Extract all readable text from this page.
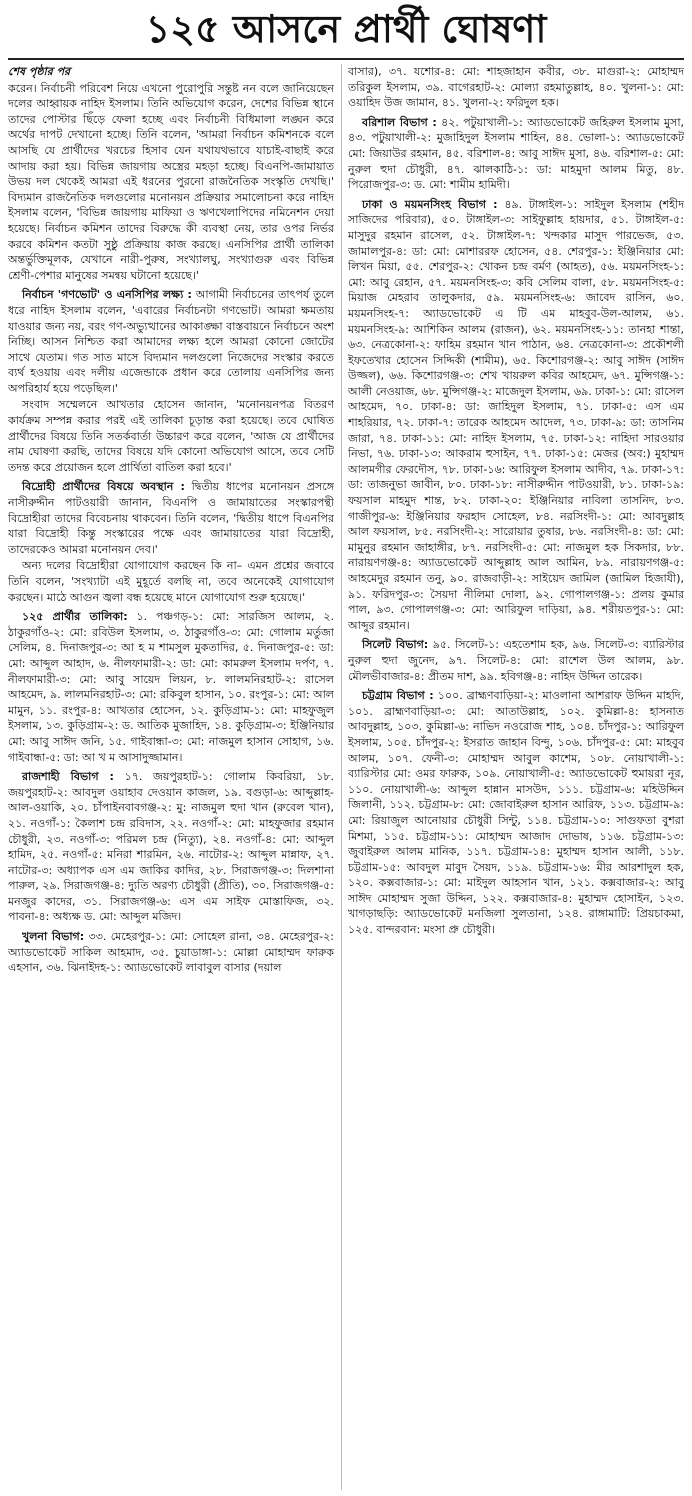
১২৫ আসনে প্রার্থী ঘোষণা

শেষ পৃষ্ঠার পর

করেন। নির্বাচনী পরিবেশ নিয়ে এখনো পুরোপুরি সন্তুষ্ট নন বলে জানিয়েছেন দলের আহ্বায়ক নাহিদ ইসলাম। তিনি অভিযোগ করেন, দেশের বিভিন্ন স্থানে তাদের পোস্টার ছিঁড়ে ফেলা হচ্ছে এবং নির্বাচনী বিধিমালা লঙ্ঘন করে অর্থের দাপট দেখানো হচ্ছে। তিনি বলেন, 'আমরা নির্বাচন কমিশনকে বলে আসছি যে প্রার্থীদের খরচের হিসাব যেন যথাযথভাবে যাচাই-বাছাই করে আদায় করা হয়। বিভিন্ন জায়গায় অস্ত্রের মহড়া হচ্ছে। বিএনপি-জামায়াত উভয় দল থেকেই আমরা এই ধরনের পুরনো রাজনৈতিক সংস্কৃতি দেখছি।' বিদ্যমান রাজনৈতিক দলগুলোর মনোনয়ন প্রক্রিয়ার সমালোচনা করে নাহিদ ইসলাম বলেন, 'বিভিন্ন জায়গায় মাফিয়া ও ঋণখেলাপিদের নমিনেশন দেয়া হয়েছে। নির্বাচন কমিশন তাদের বিরুদ্ধে কী ব্যবস্থা নেয়, তার ওপর নির্ভর করবে কমিশন কতটা সুষ্ঠু প্রক্রিয়ায় কাজ করছে। এনসিপির প্রার্থী তালিকা অন্তর্ভুক্তিমূলক, যেখানে নারী-পুরুষ, সংখ্যালঘু, সংখ্যাগুরু এবং বিভিন্ন শ্রেণী-পেশার মানুষের সমন্বয় ঘটানো হয়েছে।'

নির্বাচন 'গণভোট' ও এনসিপির লক্ষ্য : আগামী নির্বাচনের তাৎপর্য তুলে ধরে নাহিদ ইসলাম বলেন, 'এবারের নির্বাচনটা গণভোট। আমরা ক্ষমতায় যাওয়ার জন্য নয়, বরং গণ-অভ্যুত্থানের আকাঙ্ক্ষা বাস্তবায়নে নির্বাচনে অংশ নিচ্ছি। আসন নিশ্চিত করা আমাদের লক্ষ্য হলে আমরা কোনো জোটের সাথে যেতাম। গত সাত মাসে বিদ্যমান দলগুলো নিজেদের সংস্কার করতে ব্যর্থ হওয়ায় এবং দলীয় এজেন্ডাকে প্রধান করে তোলায় এনসিপির জন্য অপরিহার্য হয়ে পড়েছিল।'

সংবাদ সম্মেলনে আখতার হোসেন জানান, 'মনোনয়নপত্র বিতরণ কার্যক্রম সম্পন্ন করার পরই এই তালিকা চূড়ান্ত করা হয়েছে। তবে ঘোষিত প্রার্থীদের বিষয়ে তিনি সতর্কবার্তা উচ্চারণ করে বলেন, 'আজ যে প্রার্থীদের নাম ঘোষণা করছি, তাদের বিষয়ে যদি কোনো অভিযোগ আসে, তবে সেটি তদন্ত করে প্রয়োজন হলে প্রার্থিতা বাতিল করা হবে।'

বিদ্রোহী প্রার্থীদের বিষয়ে অবস্থান : দ্বিতীয় ধাপের মনোনয়ন প্রসঙ্গে নাসীরুদ্দীন পাটওয়ারী জানান, বিএনপি ও জামায়াতের সংস্কারপন্থী বিদ্রোহীরা তাদের বিবেচনায় থাকবেন। তিনি বলেন, 'দ্বিতীয় ধাপে বিএনপির যারা বিদ্রোহী কিন্তু সংস্কারের পক্ষে এবং জামায়াতের যারা বিদ্রোহী, তাদেরকেও আমরা মনোনয়ন দেব।'

অন্য দলের বিদ্রোহীরা যোগাযোগ করছেন কি না– এমন প্রশ্নের জবাবে তিনি বলেন, 'সংখ্যাটা এই মুহূর্তে বলছি না, তবে অনেকেই যোগাযোগ করছেন। মাঠে আগুন জ্বলা বন্ধ হয়েছে মানে যোগাযোগ শুরু হয়েছে।'

১২৫ প্রার্থীর তালিকা: ১. পঞ্চগড়-১: মো: সারজিস আলম, ২. ঠাকুরগাঁও-২: মো: রবিউল ইসলাম, ৩. ঠাকুরগাঁও-৩: মো: গোলাম মর্তুজা সেলিম, ৪. দিনাজপুর-৩: আ হ ম শামসুল মুকতাদির, ৫. দিনাজপুর-৫: ডা: মো: আব্দুল আহাদ, ৬. নীলফামারী-২: ডা: মো: কামরুল ইসলাম দর্পণ, ৭. নীলফামারী-৩: মো: আবু সায়েদ লিয়ন, ৮. লালমনিরহাট-২: রাসেল আহমেদ, ৯. লালমনিরহাট-৩: মো: রকিবুল হাসান, ১০. রংপুর-১: মো: আল মামুন, ১১. রংপুর-৪: আখতার হোসেন, ১২. কুড়িগ্রাম-১: মো: মাহফুজুল ইসলাম, ১৩. কুড়িগ্রাম-২: ড. আতিক মুজাহিদ, ১৪. কুড়িগ্রাম-৩: ইঞ্জিনিয়ার মো: আবু সাঈদ জনি, ১৫. গাইবান্ধা-৩: মো: নাজমুল হাসান সোহাগ, ১৬. গাইবান্ধা-৫: ডা: আ খ ম আসাদুজ্জামান।

রাজশাহী বিভাগ : ১৭. জয়পুরহাট-১: গোলাম কিবরিয়া, ১৮. জয়পুরহাট-২: আবদুল ওয়াহাব দেওয়ান কাজল, ১৯. বগুড়া-৬: আব্দুল্লাহ-আল-ওয়াকি, ২০. চাঁপাইনবাবগঞ্জ-২: মু: নাজমুল হুদা খান (রুবেল খান), ২১. নওগাঁ-১: কৈলাশ চন্দ্র রবিদাস, ২২. নওগাঁ-২: মো: মাহফুজার রহমান চৌধুরী, ২৩. নওগাঁ-৩: পরিমল চন্দ্র (নিত্যু), ২৪. নওগাঁ-৪: মো: আব্দুল হামিদ, ২৫. নওগাঁ-৫: মনিরা শারমিন, ২৬. নাটোর-২: আব্দুল মান্নাফ, ২৭. নাটোর-৩: অধ্যাপক এস এম জাকির কাদির, ২৮. সিরাজগঞ্জ-৩: দিলশানা পারুল, ২৯. সিরাজগঞ্জ-৪: দ্যুতি অরণ্য চৌধুরী (প্রীতি), ৩০. সিরাজগঞ্জ-৫: মনজুর কাদের, ৩১. সিরাজগঞ্জ-৬: এস এম সাইফ মোস্তাফিজ, ৩২. পাবনা-৪: অধ্যক্ষ ড. মো: আব্দুল মজিদ।

খুলনা বিভাগ: ৩৩. মেহেরপুর-১: মো: সোহেল রানা, ৩৪. মেহেরপুর-২: অ্যাডভোকেট সাকিল আহমাদ, ৩৫. চুয়াডাঙ্গা-১: মোল্লা মোহাম্মদ ফারুক এহসান, ৩৬. ঝিনাইদহ-১: অ্যাডভোকেট লাবাবুল বাসার (দয়াল

বাসার), ৩৭. যশোর-৪: মো: শাহজাহান কবীর, ৩৮. মাগুরা-২: মোহাম্মদ তরিকুল ইসলাম, ৩৯. বাগেরহাট-২: মোল্যা রহমাতুল্লাহ, ৪০. খুলনা-১: মো: ওয়াহিদ উজ জামান, ৪১. খুলনা-২: ফরিদুল হক।

বরিশাল বিভাগ : ৪২. পটুয়াখালী-১: অ্যাডভোকেট জহিরুল ইসলাম মুসা, ৪৩. পটুয়াখালী-২: মুজাহিদুল ইসলাম শাহিন, ৪৪. ভোলা-১: অ্যাডভোকেট মো: জিয়াউর রহমান, ৪৫. বরিশাল-৪: আবু সাঈদ মুসা, ৪৬. বরিশাল-৫: মো: নুরুল হুদা চৌধুরী, ৪৭. ঝালকাঠি-১: ডা: মাহমুদা আলম মিতু, ৪৮. পিরোজপুর-৩: ড. মো: শামীম হামিদী।

ঢাকা ও ময়মনসিংহ বিভাগ : ৪৯. টাঙ্গাইল-১: সাইদুল ইসলাম (শহীদ সাজিদের পরিবার), ৫০. টাঙ্গাইল-৩: সাইফুল্লাহ হায়দার, ৫১. টাঙ্গাইল-৫: মাসুদুর রহমান রাসেল, ৫২. টাঙ্গাইল-৭: খন্দকার মাসুদ পারভেজ, ৫৩. জামালপুর-৪: ডা: মো: মোশাররফ হোসেন, ৫৪. শেরপুর-১: ইঞ্জিনিয়ার মো: লিখন মিয়া, ৫৫. শেরপুর-২: খোকন চন্দ্র বর্মণ (আহত), ৫৬. ময়মনসিংহ-১: মো: আবু রেহান, ৫৭. ময়মনসিংহ-৩: কবি সেলিম বালা, ৫৮. ময়মনসিংহ-৫: মিয়াজ মেহরাব তালুকদার, ৫৯. ময়মনসিংহ-৬: জাবেদ রাসিন, ৬০. ময়মনসিংহ-৭: অ্যাডভোকেট এ টি এম মাহবুব-উল-আলম, ৬১. ময়মনসিংহ-৯: আশিকিন আলম (রাজন), ৬২. ময়মনসিংহ-১১: তানহা শান্তা, ৬৩. নেত্রকোনা-২: ফাহিম রহমান খান পাঠান, ৬৪. নেত্রকোনা-৩: প্রকৌশলী ইফতেখার হোসেন সিদ্দিকী (শামীম), ৬৫. কিশোরগঞ্জ-২: আবু সাঈদ (সাঈদ উজ্জল), ৬৬. কিশোরগঞ্জ-৩: শেখ খায়রুল কবির আহমেদ, ৬৭. মুন্সিগঞ্জ-১: আলী নেওয়াজ, ৬৮. মুন্সিগঞ্জ-২: মাজেদুল ইসলাম, ৬৯. ঢাকা-১: মো: রাসেল আহমেদ, ৭০. ঢাকা-৪: ডা: জাহিদুল ইসলাম, ৭১. ঢাকা-৫: এস এম শাহরিয়ার, ৭২. ঢাকা-৭: তারেক আহমেদ আদেল, ৭৩. ঢাকা-৯: ডা: তাসনিম জারা, ৭৪. ঢাকা-১১: মো: নাহিদ ইসলাম, ৭৫. ঢাকা-১২: নাহিদা সারওয়ার নিভা, ৭৬. ঢাকা-১৩: আকরাম হুসাইন, ৭৭. ঢাকা-১৫: মেজর (অব:) মুহাম্মদ আলমগীর ফেরদৌস, ৭৮. ঢাকা-১৬: আরিফুল ইসলাম আদীব, ৭৯. ঢাকা-১৭: ডা: তাজনুভা জাবীন, ৮০. ঢাকা-১৮: নাসীরুদ্দীন পাটওয়ারী, ৮১. ঢাকা-১৯: ফয়সাল মাহমুদ শান্ত, ৮২. ঢাকা-২০: ইঞ্জিনিয়ার নাবিলা তাসনিদ, ৮৩. গাজীপুর-৬: ইঞ্জিনিয়ার ফরহাদ সোহেল, ৮৪. নরসিংদী-১: মো: আবদুল্লাহ আল ফয়সাল, ৮৫. নরসিংদী-২: সারোয়ার তুষার, ৮৬. নরসিংদী-৪: ডা: মো: মামুনুর রহমান জাহাঙ্গীর, ৮৭. নরসিংদী-৫: মো: নাজমুল হক সিকদার, ৮৮. নারায়ণগঞ্জ-৪: অ্যাডভোকেট আব্দুল্লাহ আল আমিন, ৮৯. নারায়ণগঞ্জ-৫: আহমেদুর রহমান তনু, ৯০. রাজবাড়ী-২: সাইয়েদ জামিল (জামিল হিজাযী), ৯১. ফরিদপুর-৩: সৈয়দা নীলিমা দোলা, ৯২. গোপালগঞ্জ-১: প্রলয় কুমার পাল, ৯৩. গোপালগঞ্জ-৩: মো: আরিফুল দাড়িয়া, ৯৪. শরীয়তপুর-১: মো: আব্দুর রহমান।

সিলেট বিভাগ: ৯৫. সিলেট-১: এহতেশাম হক, ৯৬. সিলেট-৩: ব্যারিস্টার নুরুল হুদা জুনেদ, ৯৭. সিলেট-৪: মো: রাশেল উল আলম, ৯৮. মৌলভীবাজার-৪: প্রীতম দাশ, ৯৯. হবিগঞ্জ-৪: নাহিদ উদ্দিন তারেক।

চট্টগ্রাম বিভাগ : ১০০. ব্রাহ্মণবাড়িয়া-২: মাওলানা আশরাফ উদ্দিন মাহদি, ১০১. ব্রাহ্মণবাড়িয়া-৩: মো: আতাউল্লাহ, ১০২. কুমিল্লা-৪: হাসনাত আবদুল্লাহ, ১০৩. কুমিল্লা-৬: নাভিদ নওরোজ শাহ, ১০৪. চাঁদপুর-১: আরিফুল ইসলাম, ১০৫. চাঁদপুর-২: ইসরাত জাহান বিন্দু, ১০৬. চাঁদপুর-৫: মো: মাহবুব আলম, ১০৭. ফেনী-৩: মোহাম্মদ আবুল কাশেম, ১০৮. নোয়াখালী-১: ব্যারিস্টার মো: ওমর ফারুক, ১০৯. নোয়াখালী-৫: অ্যাডভোকেট হুমায়রা নূর, ১১০. নোয়াখালী-৬: আব্দুল হান্নান মাসউদ, ১১১. চট্টগ্রাম-৬: মহিউদ্দিন জিলানী, ১১২. চট্টগ্রাম-৮: মো: জোবাইরুল হাসান আরিফ, ১১৩. চট্টগ্রাম-৯: মো: রিয়াজুল আনোয়ার চৌধুরী সিন্টু, ১১৪. চট্টগ্রাম-১০: সাগুফতা বুশরা মিশমা, ১১৫. চট্টগ্রাম-১১: মোহাম্মদ আজাদ দোভাষ, ১১৬. চট্টগ্রাম-১৩: জুবাইরুল আলম মানিক, ১১৭. চট্টগ্রাম-১৪: মুহাম্মদ হাসান আলী, ১১৮. চট্টগ্রাম-১৫: আবদুল মাবুদ সৈয়দ, ১১৯. চট্টগ্রাম-১৬: মীর আরশাদুল হক, ১২০. কক্সবাজার-১: মো: মাইদুল আহসান খান, ১২১. কক্সবাজার-২: আবু সাঈদ মোহাম্মদ সুজা উদ্দিন, ১২২. কক্সবাজার-৪: মুহাম্মদ হোসাইন, ১২৩. খাগড়াছড়ি: অ্যাডভোকেট মনজিলা সুলতানা, ১২৪. রাঙ্গামাটি: প্রিয়চাকমা, ১২৫. বান্দরবান: মংসা প্রু চৌধুরী।
